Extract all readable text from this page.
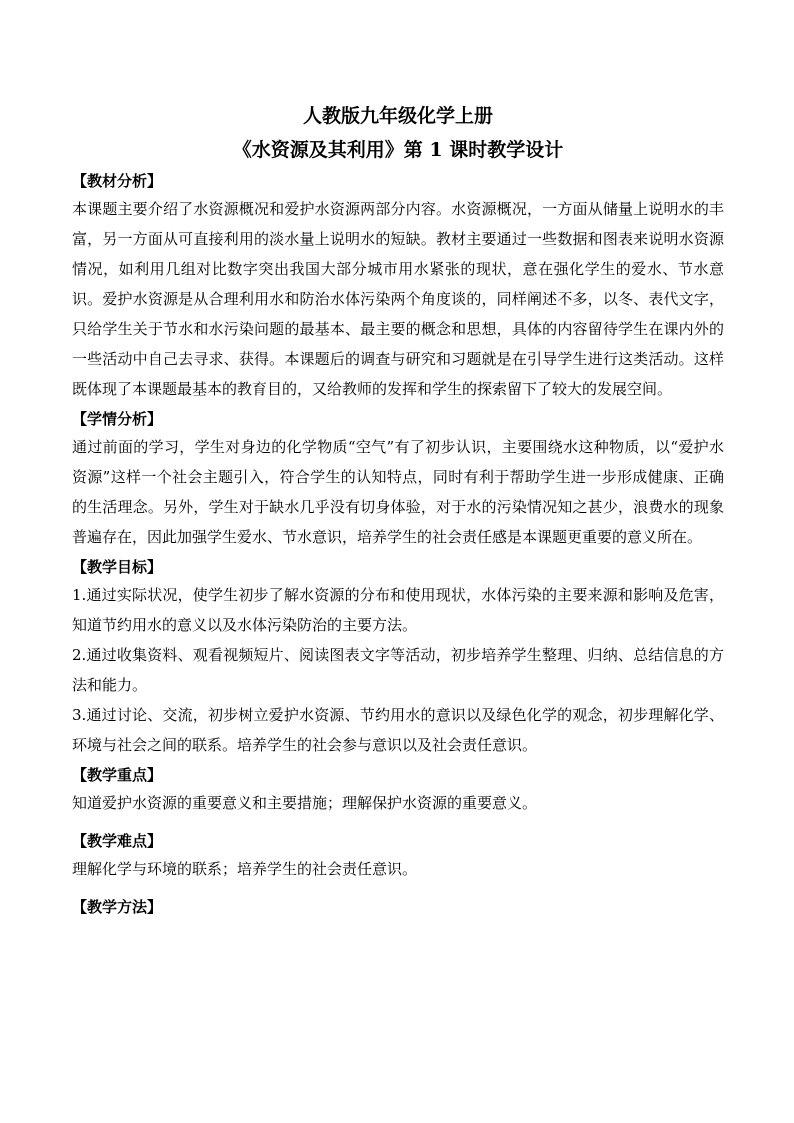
人教版九年级化学上册
《水资源及其利用》第 1 课时教学设计
【教材分析】

本课题主要介绍了水资源概况和爱护水资源两部分内容。水资源概况，一方面从储量上说明水的丰富，另一方面从可直接利用的淡水量上说明水的短缺。教材主要通过一些数据和图表来说明水资源情况，如利用几组对比数字突出我国大部分城市用水紧张的现状，意在强化学生的爱水、节水意识。爱护水资源是从合理利用水和防治水体污染两个角度谈的，同样阐述不多，以冬、表代文字，只给学生关于节水和水污染问题的最基本、最主要的概念和思想，具体的内容留待学生在课内外的一些活动中自己去寻求、获得。本课题后的调查与研究和习题就是在引导学生进行这类活动。这样既体现了本课题最基本的教育目的，又给教师的发挥和学生的探索留下了较大的发展空间。

【学情分析】

通过前面的学习，学生对身边的化学物质“空气”有了初步认识，主要围绕水这种物质，以“爱护水资源”这样一个社会主题引入，符合学生的认知特点，同时有利于帮助学生进一步形成健康、正确的生活理念。另外，学生对于缺水几乎没有切身体验，对于水的污染情况知之甚少，浪费水的现象普遍存在，因此加强学生爱水、节水意识，培养学生的社会责任感是本课题更重要的意义所在。

【教学目标】

1.通过实际状况，使学生初步了解水资源的分布和使用现状，水体污染的主要来源和影响及危害，知道节约用水的意义以及水体污染防治的主要方法。

2.通过收集资料、观看视频短片、阅读图表文字等活动，初步培养学生整理、归纳、总结信息的方法和能力。

3.通过讨论、交流，初步树立爱护水资源、节约用水的意识以及绿色化学的观念，初步理解化学、环境与社会之间的联系。培养学生的社会参与意识以及社会责任意识。

【教学重点】

知道爱护水资源的重要意义和主要措施；理解保护水资源的重要意义。

【教学难点】

理解化学与环境的联系；培养学生的社会责任意识。

【教学方法】
